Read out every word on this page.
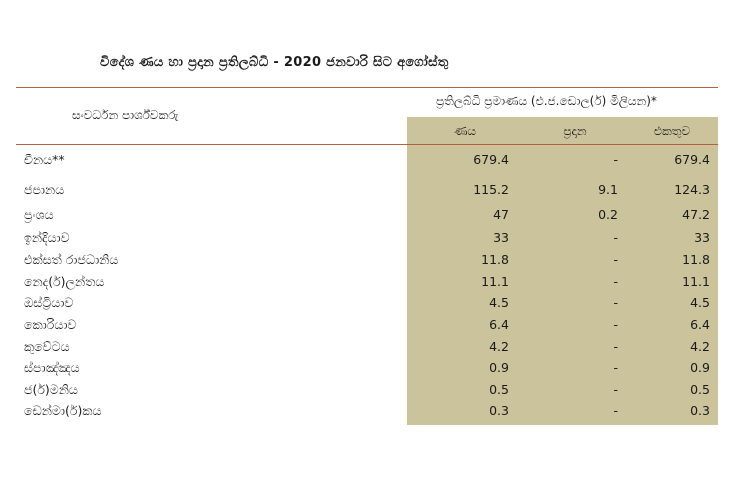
විදේශ ණය හා ප්‍රදාන ප්‍රතිලබ්ධි - 2020 ජනවාරි සිට අගෝස්තු
සංවර්ධන පාර්ශ්වකරු
ප්‍රතිලබ්ධි ප්‍රමාණය (එ.ජ.ඩොල(ර්) මිලියන)*
ණය	ප්‍රදාන	එකතුව
චීනය**	679.4	-	679.4
ජපානය	115.2	9.1	124.3
ප්‍රංශය	47	0.2	47.2
ඉන්දියාව	33	-	33
එක්සත් රාජධානිය	11.8	-	11.8
නෙද(ර්)ලන්තය	11.1	-	11.1
ඔස්ට්‍රියාව	4.5	-	4.5
කොරියාව	6.4	-	6.4
කුවේටය	4.2	-	4.2
ස්පාඤ්ඤය	0.9	-	0.9
ජ(ර්)මනිය	0.5	-	0.5
ඩෙන්මා(ර්)කය	0.3	-	0.3
